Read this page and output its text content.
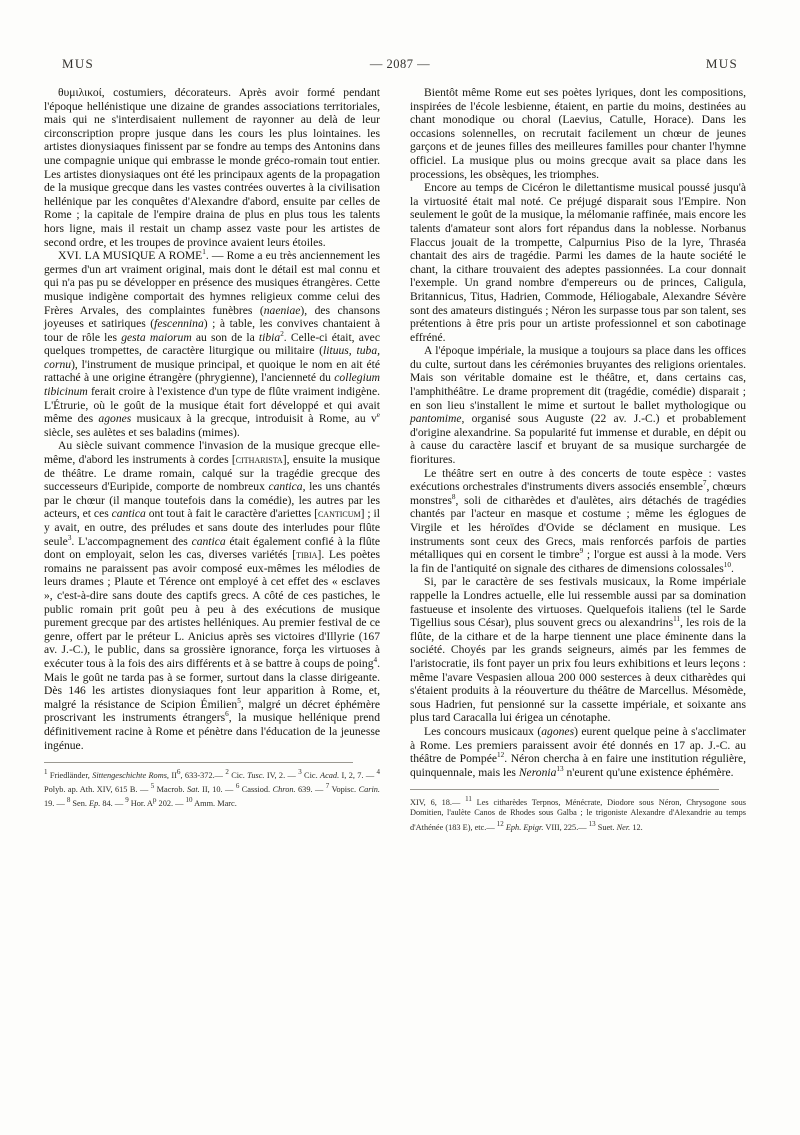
MUS	— 2087 —	MUS

θυμιλικοί, costumiers, décorateurs. Après avoir formé pendant l'époque hellénistique une dizaine de grandes associations territoriales, mais qui ne s'interdisaient nullement de rayonner au delà de leur circonscription propre jusque dans les cours les plus lointaines. les artistes dionysiaques finissent par se fondre au temps des Antonins dans une compagnie unique qui embrasse le monde gréco-romain tout entier. Les artistes dionysiaques ont été les principaux agents de la propagation de la musique grecque dans les vastes contrées ouvertes à la civilisation hellénique par les conquêtes d'Alexandre d'abord, ensuite par celles de Rome ; la capitale de l'empire draina de plus en plus tous les talents hors ligne, mais il restait un champ assez vaste pour les artistes de second ordre, et les troupes de province avaient leurs étoiles.

XVI. LA MUSIQUE A ROME$^1$. — Rome a eu très anciennement les germes d'un art vraiment original, mais dont le détail est mal connu et qui n'a pas pu se développer en présence des musiques étrangères. Cette musique indigène comportait des hymnes religieux comme celui des Frères Arvales, des complaintes funèbres (naeniae), des chansons joyeuses et satiriques (fescennina) ; à table, les convives chantaient à tour de rôle les gesta maiorum au son de la tibia$^2$. Celle-ci était, avec quelques trompettes, de caractère liturgique ou militaire (lituus, tuba, cornu), l'instrument de musique principal, et quoique le nom en ait été rattaché à une origine étrangère (phrygienne), l'ancienneté du collegium tibicinum ferait croire à l'existence d'un type de flûte vraiment indigène. L'Étrurie, où le goût de la musique était fort développé et qui avait même des agones musicaux à la grecque, introduisit à Rome, au $v^e$ siècle, ses aulètes et ses baladins (mimes).

Au siècle suivant commence l'invasion de la musique grecque elle-même, d'abord les instruments à cordes [citharista], ensuite la musique de théâtre. Le drame romain, calqué sur la tragédie grecque des successeurs d'Euripide, comporte de nombreux cantica, les uns chantés par le chœur (il manque toutefois dans la comédie), les autres par les acteurs, et ces cantica ont tout à fait le caractère d'ariettes [canticum] ; il y avait, en outre, des préludes et sans doute des interludes pour flûte seule$^3$. L'accompagnement des cantica était également confié à la flûte dont on employait, selon les cas, diverses variétés [tibia]. Les poètes romains ne paraissent pas avoir composé eux-mêmes les mélodies de leurs drames ; Plaute et Térence ont employé à cet effet des « esclaves », c'est-à-dire sans doute des captifs grecs. A côté de ces pastiches, le public romain prit goût peu à peu à des exécutions de musique purement grecque par des artistes helléniques. Au premier festival de ce genre, offert par le préteur L. Anicius après ses victoires d'Illyrie (167 av. J.-C.), le public, dans sa grossière ignorance, força les virtuoses à exécuter tous à la fois des airs différents et à se battre à coups de poing$^4$. Mais le goût ne tarda pas à se former, surtout dans la classe dirigeante. Dès 146 les artistes dionysiaques font leur apparition à Rome, et, malgré la résistance de Scipion Émilien$^5$, malgré un décret éphémère proscrivant les instruments étrangers$^6$, la musique hellénique prend définitivement racine à Rome et pénètre dans l'éducation de la jeunesse ingénue.

$^1$ Friedländer, Sittengeschichte Roms, $II^6$, 633-372.— $^2$ Cic. Tusc. IV, 2. — $^3$ Cic. Acad. I, 2, 7. — $^4$ Polyb. ap. Ath. XIV, 615 B. — $^5$ Macrob. Sat. II, 10. — $^6$ Cassiod. Chron. 639. — $^7$ Vopisc. Carin. 19. — $^8$ Sen. Ep. 84. — $^9$ Hor. $A^p$ 202. — $^{10}$ Amm. Marc.

Bientôt même Rome eut ses poètes lyriques, dont les compositions, inspirées de l'école lesbienne, étaient, en partie du moins, destinées au chant monodique ou choral (Laevius, Catulle, Horace). Dans les occasions solennelles, on recrutait facilement un chœur de jeunes garçons et de jeunes filles des meilleures familles pour chanter l'hymne officiel. La musique plus ou moins grecque avait sa place dans les processions, les obsèques, les triomphes.

Encore au temps de Cicéron le dilettantisme musical poussé jusqu'à la virtuosité était mal noté. Ce préjugé disparait sous l'Empire. Non seulement le goût de la musique, la mélomanie raffinée, mais encore les talents d'amateur sont alors fort répandus dans la noblesse. Norbanus Flaccus jouait de la trompette, Calpurnius Piso de la lyre, Thraséa chantait des airs de tragédie. Parmi les dames de la haute société le chant, la cithare trouvaient des adeptes passionnées. La cour donnait l'exemple. Un grand nombre d'empereurs ou de princes, Caligula, Britannicus, Titus, Hadrien, Commode, Héliogabale, Alexandre Sévère sont des amateurs distingués ; Néron les surpasse tous par son talent, ses prétentions à être pris pour un artiste professionnel et son cabotinage effréné.

A l'époque impériale, la musique a toujours sa place dans les offices du culte, surtout dans les cérémonies bruyantes des religions orientales. Mais son véritable domaine est le théâtre, et, dans certains cas, l'amphithéâtre. Le drame proprement dit (tragédie, comédie) disparait ; en son lieu s'installent le mime et surtout le ballet mythologique ou pantomime, organisé sous Auguste (22 av. J.-C.) et probablement d'origine alexandrine. Sa popularité fut immense et durable, en dépit ou à cause du caractère lascif et bruyant de sa musique surchargée de fioritures.

Le théâtre sert en outre à des concerts de toute espèce : vastes exécutions orchestrales d'instruments divers associés ensemble$^7$, chœurs monstres$^8$, soli de citharèdes et d'aulètes, airs détachés de tragédies chantés par l'acteur en masque et costume ; même les églogues de Virgile et les héroïdes d'Ovide se déclament en musique. Les instruments sont ceux des Grecs, mais renforcés parfois de parties métalliques qui en corsent le timbre$^9$ ; l'orgue est aussi à la mode. Vers la fin de l'antiquité on signale des cithares de dimensions colossales$^{10}$.

Si, par le caractère de ses festivals musicaux, la Rome impériale rappelle la Londres actuelle, elle lui ressemble aussi par sa domination fastueuse et insolente des virtuoses. Quelquefois italiens (tel le Sarde Tigellius sous César), plus souvent grecs ou alexandrins$^{11}$, les rois de la flûte, de la cithare et de la harpe tiennent une place éminente dans la société. Choyés par les grands seigneurs, aimés par les femmes de l'aristocratie, ils font payer un prix fou leurs exhibitions et leurs leçons : même l'avare Vespasien alloua 200 000 sesterces à deux citharèdes qui s'étaient produits à la réouverture du théâtre de Marcellus. Mésomède, sous Hadrien, fut pensionné sur la cassette impériale, et soixante ans plus tard Caracalla lui érigea un cénotaphe.

Les concours musicaux (agones) eurent quelque peine à s'acclimater à Rome. Les premiers paraissent avoir été donnés en 17 ap. J.-C. au théâtre de Pompée$^{12}$. Néron chercha à en faire une institution régulière, quinquennale, mais les Neronia$^{13}$ n'eurent qu'une existence éphémère.

XIV, 6, 18.— $^{11}$ Les citharèdes Terpnos, Ménécrate, Diodore sous Néron, Chrysogone sous Domitien, l'aulète Canos de Rhodes sous Galba ; le trigoniste Alexandre d'Alexandrie au temps d'Athénée (183 E), etc.— $^{12}$ Eph. Epigr. VIII, 225.— $^{13}$ Suet. Ner. 12.
